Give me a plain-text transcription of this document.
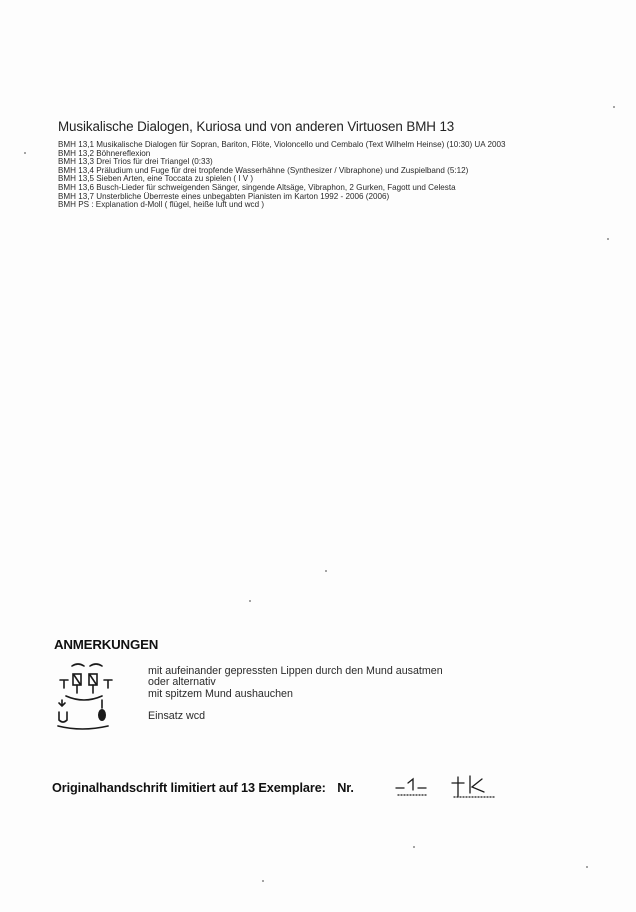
Musikalische Dialogen, Kuriosa und von anderen Virtuosen BMH 13
BMH 13,1 Musikalische Dialogen für Sopran, Bariton, Flöte, Violoncello und Cembalo (Text Wilhelm Heinse) (10:30) UA 2003
BMH 13,2 Böhnereflexion
BMH 13,3 Drei Trios für drei Triangel (0:33)
BMH 13,4 Präludium und Fuge für drei tropfende Wasserhähne (Synthesizer / Vibraphone) und Zuspielband (5:12)
BMH 13,5 Sieben Arten, eine Toccata zu spielen ( I V )
BMH 13,6 Busch-Lieder für schweigenden Sänger, singende Altsäge, Vibraphon, 2 Gurken, Fagott und Celesta
BMH 13,7 Unsterbliche Überreste eines unbegabten Pianisten im Karton 1992 - 2006 (2006)
BMH PS : Explanation d-Moll ( flügel, heiße luft und wcd )
ANMERKUNGEN
mit aufeinander gepressten Lippen durch den Mund ausatmen
oder alternativ
mit spitzem Mund aushauchen
Einsatz wcd
Originalhandschrift limitiert auf 13 Exemplare: Nr.
